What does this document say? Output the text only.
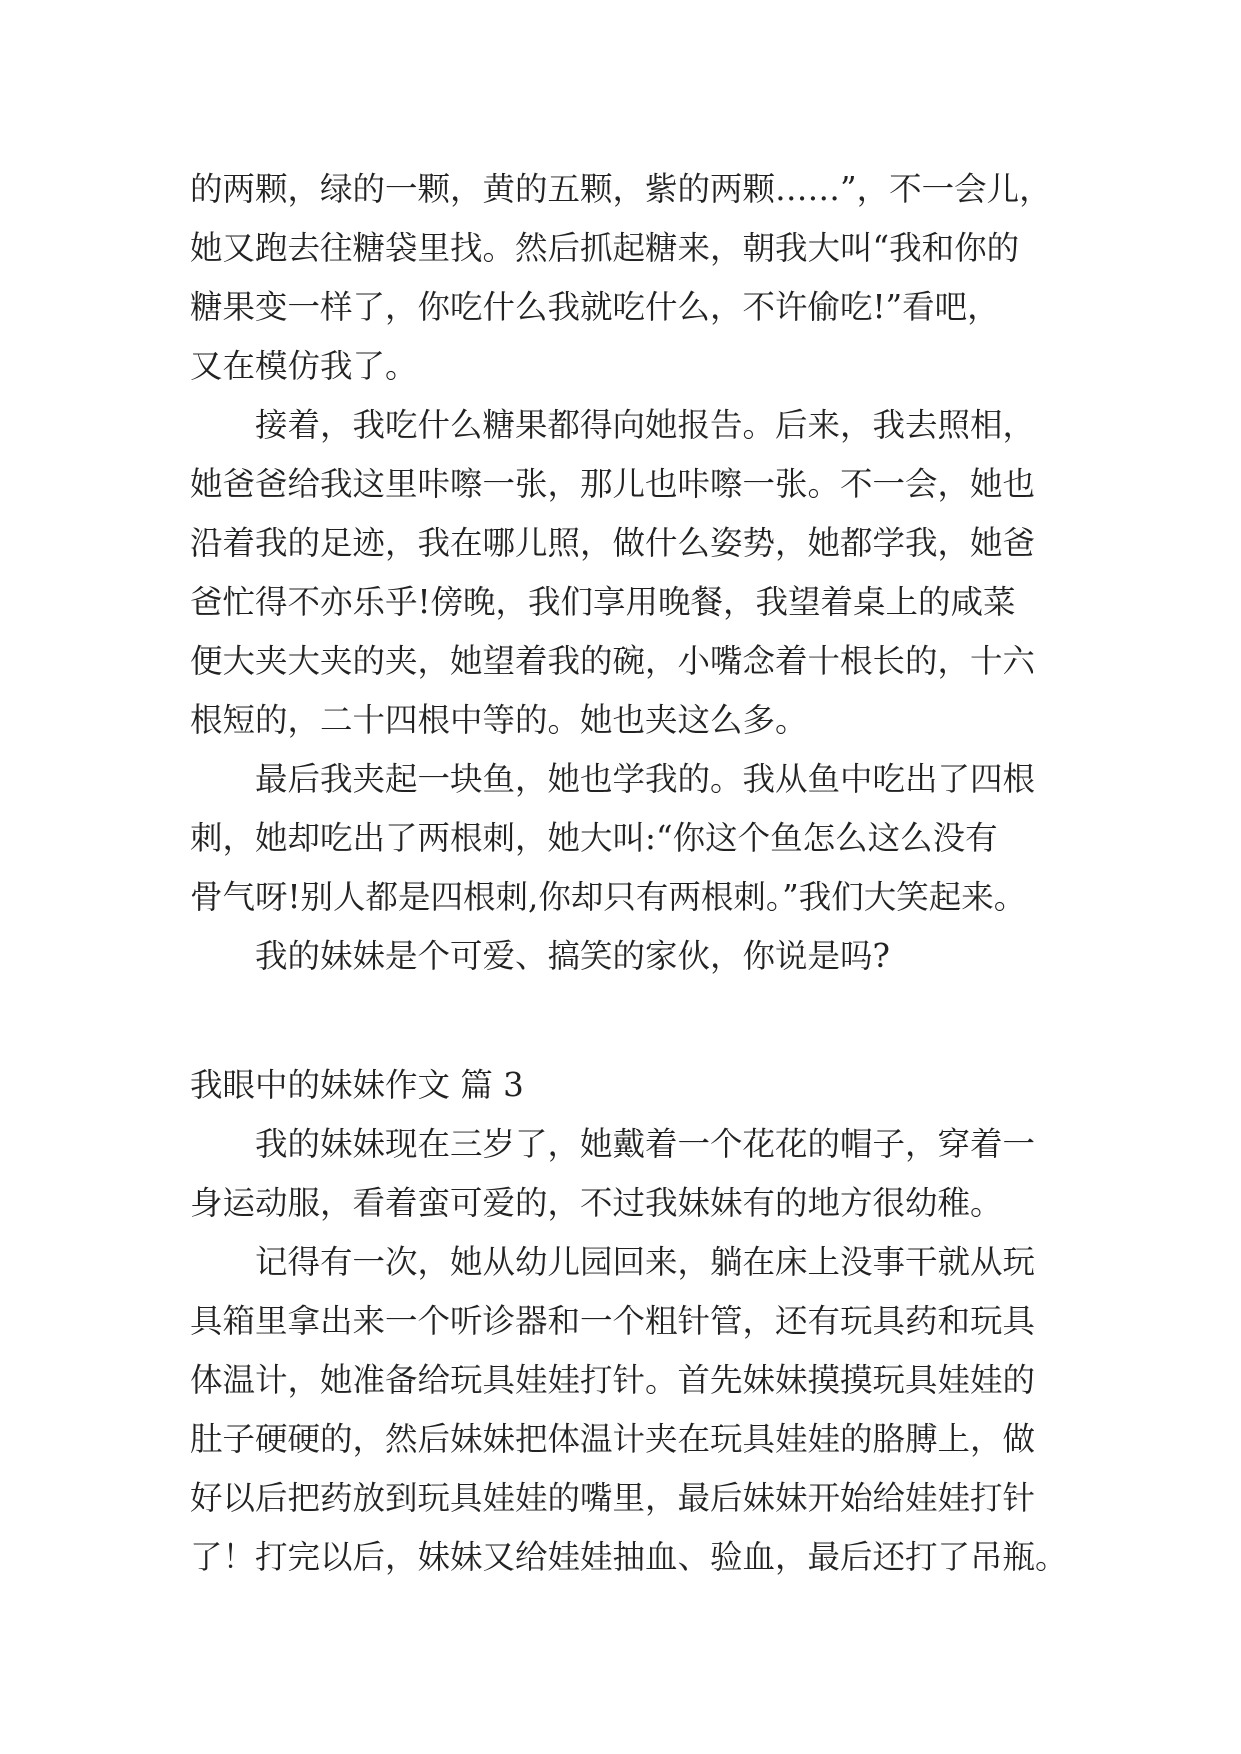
的两颗，绿的一颗，黄的五颗，紫的两颗……”，不一会儿，
她又跑去往糖袋里找。然后抓起糖来，朝我大叫“我和你的
糖果变一样了，你吃什么我就吃什么，不许偷吃!”看吧，
又在模仿我了。
接着，我吃什么糖果都得向她报告。后来，我去照相，
她爸爸给我这里咔嚓一张，那儿也咔嚓一张。不一会，她也
沿着我的足迹，我在哪儿照，做什么姿势，她都学我，她爸
爸忙得不亦乐乎!傍晚，我们享用晚餐，我望着桌上的咸菜
便大夹大夹的夹，她望着我的碗，小嘴念着十根长的，十六
根短的，二十四根中等的。她也夹这么多。
最后我夹起一块鱼，她也学我的。我从鱼中吃出了四根
刺，她却吃出了两根刺，她大叫:“你这个鱼怎么这么没有
骨气呀!别人都是四根刺,你却只有两根刺。”我们大笑起来。
我的妹妹是个可爱、搞笑的家伙，你说是吗?
我眼中的妹妹作文 篇 3
我的妹妹现在三岁了，她戴着一个花花的帽子，穿着一
身运动服，看着蛮可爱的，不过我妹妹有的地方很幼稚。
记得有一次，她从幼儿园回来，躺在床上没事干就从玩
具箱里拿出来一个听诊器和一个粗针管，还有玩具药和玩具
体温计，她准备给玩具娃娃打针。首先妹妹摸摸玩具娃娃的
肚子硬硬的，然后妹妹把体温计夹在玩具娃娃的胳膊上，做
好以后把药放到玩具娃娃的嘴里，最后妹妹开始给娃娃打针
了！打完以后，妹妹又给娃娃抽血、验血，最后还打了吊瓶。
